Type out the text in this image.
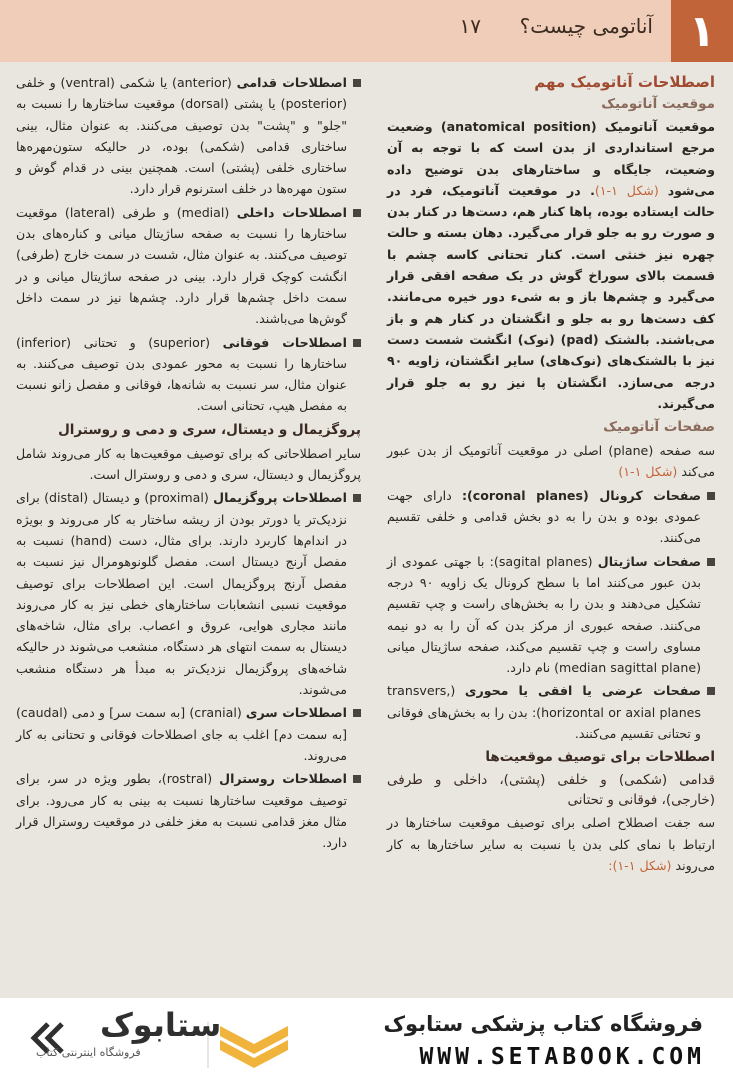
۱
آناتومی چیست؟
۱۷

اصطلاحات آناتومیک مهم

موقعیت آناتومیک

موقعیت آناتومیک (anatomical position) وضعیت مرجع استانداردی از بدن است که با توجه به آن وضعیت، جایگاه و ساختارهای بدن توضیح داده می‌شود (شکل ۱-۱). در موقعیت آناتومیک، فرد در حالت ایستاده بوده، پاها کنار هم، دست‌ها در کنار بدن و صورت رو به جلو قرار می‌گیرد. دهان بسته و حالت چهره نیز خنثی است. کنار تحتانی کاسه چشم با قسمت بالای سوراخ گوش در یک صفحه افقی قرار می‌گیرد و چشم‌ها باز و به شیء دور خیره می‌مانند. کف دست‌ها رو به جلو و انگشتان در کنار هم و باز می‌باشند. بالشتک (pad) (نوک) انگشت شست دست نیز با بالشتک‌های (نوک‌های) سایر انگشتان، زاویه ۹۰ درجه می‌سازد. انگشتان پا نیز رو به جلو قرار می‌گیرند.

صفحات آناتومیک

سه صفحه (plane) اصلی در موقعیت آناتومیک از بدن عبور می‌کند (شکل ۱-۱)

صفحات کرونال (coronal planes): دارای جهت عمودی بوده و بدن را به دو بخش قدامی و خلفی تقسیم می‌کنند.

صفحات ساژیتال (sagital planes): با جهتی عمودی از بدن عبور می‌کنند اما با سطح کرونال یک زاویه ۹۰ درجه تشکیل می‌دهند و بدن را به بخش‌های راست و چپ تقسیم می‌کنند. صفحه عبوری از مرکز بدن که آن را به دو نیمه مساوی راست و چپ تقسیم می‌کند، صفحه ساژیتال میانی (median sagittal plane) نام دارد.

صفحات عرضی یا افقی یا محوری (transvers, horizontal or axial planes): بدن را به بخش‌های فوقانی و تحتانی تقسیم می‌کنند.

اصطلاحات برای توصیف موقعیت‌ها

قدامی (شکمی) و خلفی (پشتی)، داخلی و طرفی (خارجی)، فوقانی و تحتانی

سه جفت اصطلاح اصلی برای توصیف موقعیت ساختارها در ارتباط با نمای کلی بدن یا نسبت به سایر ساختارها به کار می‌روند (شکل ۱-۱):

اصطلاحات قدامی (anterior) یا شکمی (ventral) و خلفی (posterior) یا پشتی (dorsal) موقعیت ساختارها را نسبت به "جلو" و "پشت" بدن توصیف می‌کنند. به عنوان مثال، بینی ساختاری قدامی (شکمی) بوده، در حالیکه ستون‌مهره‌ها ساختاری خلفی (پشتی) است. همچنین بینی در قدام گوش و ستون مهره‌ها در خلف استرنوم قرار دارد.

اصطلاحات داخلی (medial) و طرفی (lateral) موقعیت ساختارها را نسبت به صفحه ساژیتال میانی و کناره‌های بدن توصیف می‌کنند. به عنوان مثال، شست در سمت خارج (طرفی) انگشت کوچک قرار دارد. بینی در صفحه ساژیتال میانی و در سمت داخل چشم‌ها قرار دارد. چشم‌ها نیز در سمت داخل گوش‌ها می‌باشند.

اصطلاحات فوقانی (superior) و تحتانی (inferior) ساختارها را نسبت به محور عمودی بدن توصیف می‌کنند. به عنوان مثال، سر نسبت به شانه‌ها، فوقانی و مفصل زانو نسبت به مفصل هیپ، تحتانی است.

پروگزیمال و دیستال، سری و دمی و روسترال

سایر اصطلاحاتی که برای توصیف موقعیت‌ها به کار می‌روند شامل پروگزیمال و دیستال، سری و دمی و روسترال است.

اصطلاحات پروگزیمال (proximal) و دیستال (distal) برای نزدیک‌تر یا دورتر بودن از ریشه ساختار به کار می‌روند و بویژه در اندام‌ها کاربرد دارند. برای مثال، دست (hand) نسبت به مفصل آرنج دیستال است. مفصل گلونوهومرال نیز نسبت به مفصل آرنج پروگزیمال است. این اصطلاحات برای توصیف موقعیت نسبی انشعابات ساختارهای خطی نیز به کار می‌روند مانند مجاری هوایی، عروق و اعصاب. برای مثال، شاخه‌های دیستال به سمت انتهای هر دستگاه، منشعب می‌شوند در حالیکه شاخه‌های پروگزیمال نزدیک‌تر به مبدأ هر دستگاه منشعب می‌شوند.

اصطلاحات سری (cranial) [به سمت سر] و دمی (caudal) [به سمت دم] اغلب به جای اصطلاحات فوقانی و تحتانی به کار می‌روند.

اصطلاحات روسترال (rostral)، بطور ویژه در سر، برای توصیف موقعیت ساختارها نسبت به بینی به کار می‌رود. برای مثال مغز قدامی نسبت به مغز خلفی در موقعیت روسترال قرار دارد.

فروشگاه کتاب پزشکی ستابوک
WWW.SETABOOK.COM
ستابوک
فروشگاه اینترنتی کتاب
